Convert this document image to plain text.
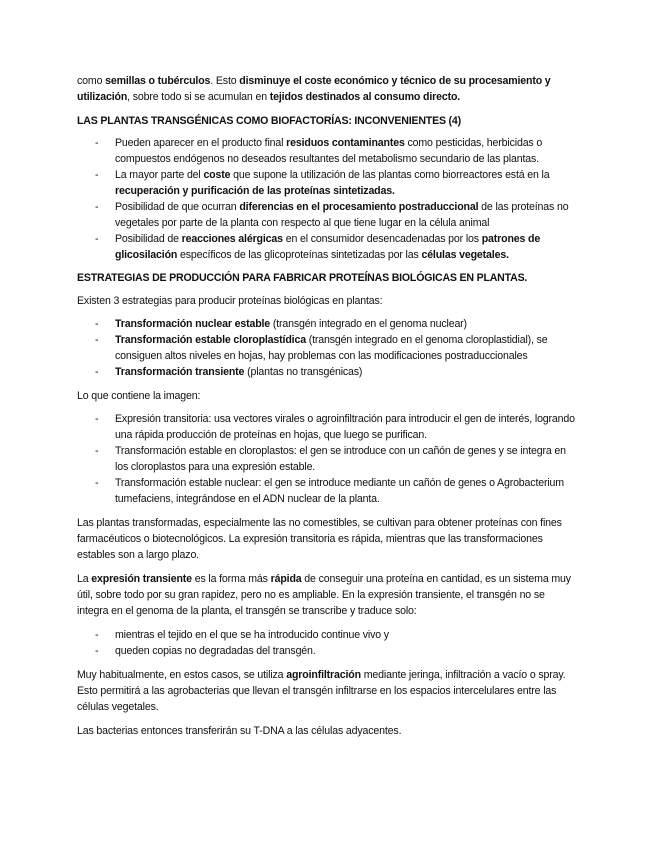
como semillas o tubérculos. Esto disminuye el coste económico y técnico de su procesamiento y utilización, sobre todo si se acumulan en tejidos destinados al consumo directo.

LAS PLANTAS TRANSGÉNICAS COMO BIOFACTORÍAS: INCONVENIENTES (4)

- Pueden aparecer en el producto final residuos contaminantes como pesticidas, herbicidas o compuestos endógenos no deseados resultantes del metabolismo secundario de las plantas.
- La mayor parte del coste que supone la utilización de las plantas como biorreactores está en la recuperación y purificación de las proteínas sintetizadas.
- Posibilidad de que ocurran diferencias en el procesamiento postraduccional de las proteínas no vegetales por parte de la planta con respecto al que tiene lugar en la célula animal
- Posibilidad de reacciones alérgicas en el consumidor desencadenadas por los patrones de glicosilación específicos de las glicoproteínas sintetizadas por las células vegetales.

ESTRATEGIAS DE PRODUCCIÓN PARA FABRICAR PROTEÍNAS BIOLÓGICAS EN PLANTAS.

Existen 3 estrategias para producir proteínas biológicas en plantas:

- Transformación nuclear estable (transgén integrado en el genoma nuclear)
- Transformación estable cloroplastídica (transgén integrado en el genoma cloroplastidial), se consiguen altos niveles en hojas, hay problemas con las modificaciones postraduccionales
- Transformación transiente (plantas no transgénicas)

Lo que contiene la imagen:

- Expresión transitoria: usa vectores virales o agroinfiltración para introducir el gen de interés, logrando una rápida producción de proteínas en hojas, que luego se purifican.
- Transformación estable en cloroplastos: el gen se introduce con un cañón de genes y se integra en los cloroplastos para una expresión estable.
- Transformación estable nuclear: el gen se introduce mediante un cañón de genes o Agrobacterium tumefaciens, integrándose en el ADN nuclear de la planta.

Las plantas transformadas, especialmente las no comestibles, se cultivan para obtener proteínas con fines farmacéuticos o biotecnológicos. La expresión transitoria es rápida, mientras que las transformaciones estables son a largo plazo.

La expresión transiente es la forma más rápida de conseguir una proteína en cantidad, es un sistema muy útil, sobre todo por su gran rapidez, pero no es ampliable. En la expresión transiente, el transgén no se integra en el genoma de la planta, el transgén se transcribe y traduce solo:

- mientras el tejido en el que se ha introducido continue vivo y
- queden copias no degradadas del transgén.

Muy habitualmente, en estos casos, se utiliza agroinfiltración mediante jeringa, infiltración a vacío o spray. Esto permitirá a las agrobacterias que llevan el transgén infiltrarse en los espacios intercelulares entre las células vegetales.

Las bacterias entonces transferirán su T-DNA a las células adyacentes.
